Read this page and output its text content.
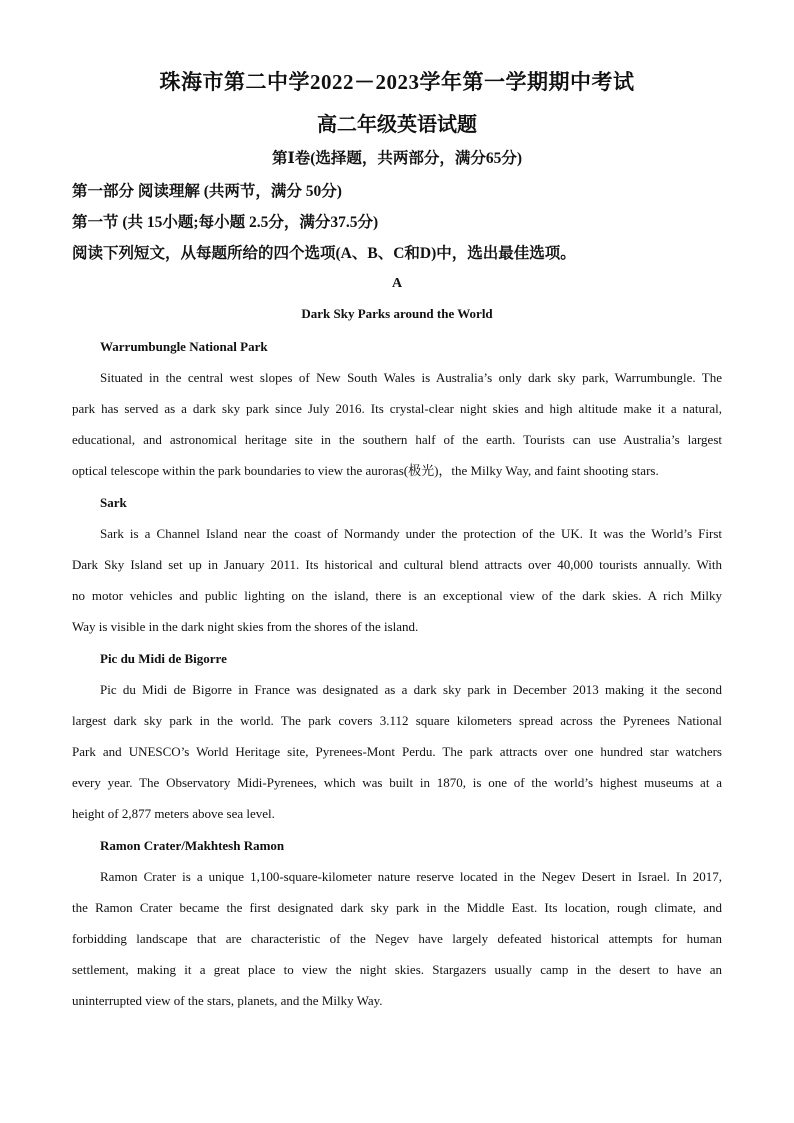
珠海市第二中学2022－2023学年第一学期期中考试
高二年级英语试题
第Ⅰ卷(选择题，共两部分，满分65分)
第一部分 阅读理解 (共两节，满分 50分)
第一节 (共 15小题;每小题 2.5分，满分37.5分)
阅读下列短文，从每题所给的四个选项(A、B、C和D)中，选出最佳选项。
A
Dark Sky Parks around the World
Warrumbungle National Park
Situated in the central west slopes of New South Wales is Australia’s only dark sky park, Warrumbungle. The
park has served as a dark sky park since July 2016. Its crystal-clear night skies and high altitude make it a natural,
educational, and astronomical heritage site in the southern half of the earth. Tourists can use Australia’s largest
optical telescope within the park boundaries to view the auroras(极光)，the Milky Way, and faint shooting stars.
Sark
Sark is a Channel Island near the coast of Normandy under the protection of the UK. It was the World’s First
Dark Sky Island set up in January 2011. Its historical and cultural blend attracts over 40,000 tourists annually. With
no motor vehicles and public lighting on the island, there is an exceptional view of the dark skies. A rich Milky
Way is visible in the dark night skies from the shores of the island.
Pic du Midi de Bigorre
Pic du Midi de Bigorre in France was designated as a dark sky park in December 2013 making it the second
largest dark sky park in the world. The park covers 3.112 square kilometers spread across the Pyrenees National
Park and UNESCO’s World Heritage site, Pyrenees-Mont Perdu. The park attracts over one hundred star watchers
every year. The Observatory Midi-Pyrenees, which was built in 1870, is one of the world’s highest museums at a
height of 2,877 meters above sea level.
Ramon Crater/Makhtesh Ramon
Ramon Crater is a unique 1,100-square-kilometer nature reserve located in the Negev Desert in Israel. In 2017,
the Ramon Crater became the first designated dark sky park in the Middle East. Its location, rough climate, and
forbidding landscape that are characteristic of the Negev have largely defeated historical attempts for human
settlement, making it a great place to view the night skies. Stargazers usually camp in the desert to have an
uninterrupted view of the stars, planets, and the Milky Way.
